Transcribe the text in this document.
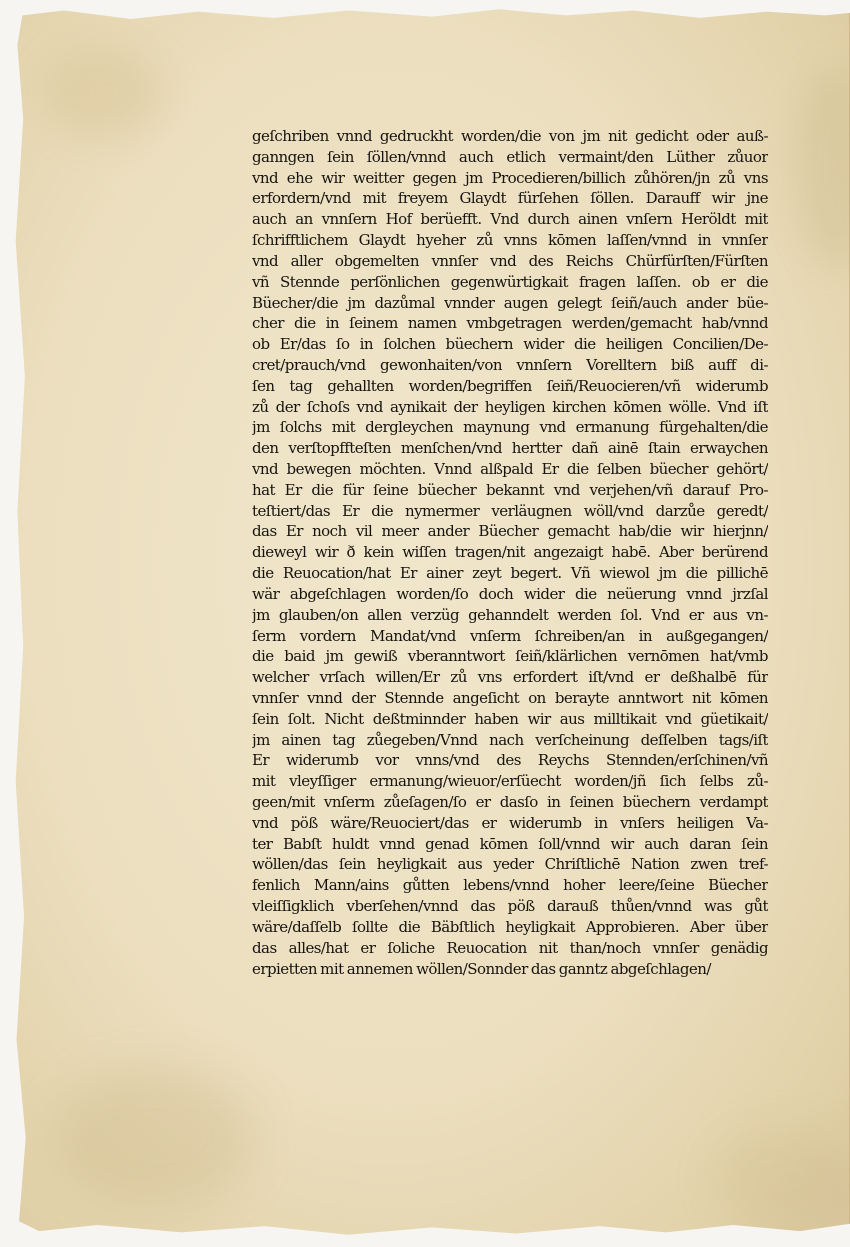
geſchriben vnnd gedruckht worden/die von jm nit gedicht oder auß-
ganngen ſein ſöllen/vnnd auch etlich vermaint/den Lüther zůuor
vnd ehe wir weitter gegen jm Procedieren/billich zůhören/jn zů vns
erfordern/vnd mit freyem Glaydt fürſehen ſöllen. Darauff wir jne
auch an vnnſern Hof berüefft. Vnd durch ainen vnſern Heröldt mit
ſchrifftlichem Glaydt hyeher zů vnns kōmen laſſen/vnnd in vnnſer
vnd aller obgemelten vnnſer vnd des Reichs Chürfürſten/Fürſten
vñ Stennde perſönlichen gegenwürtigkait fragen laſſen. ob er die
Büecher/die jm dazůmal vnnder augen gelegt ſeiñ/auch ander büe-
cher die in ſeinem namen vmbgetragen werden/gemacht hab/vnnd
ob Er/das ſo in ſolchen büechern wider die heiligen Concilien/De-
cret/prauch/vnd gewonhaiten/von vnnſern Vorelltern biß auff di-
ſen tag gehallten worden/begriffen ſeiñ/Reuocieren/vñ widerumb
zů der ſchoſs vnd aynikait der heyligen kirchen kōmen wölle. Vnd iſt
jm ſolchs mit dergleychen maynung vnd ermanung fürgehalten/die
den verſtopffteſten menſchen/vnd hertter dañ ainē ſtain erwaychen
vnd bewegen möchten. Vnnd alßpald Er die ſelben büecher gehört/
hat Er die für ſeine büecher bekannt vnd verjehen/vñ darauf Pro-
teſtiert/das Er die nymermer verläugnen wöll/vnd darzůe geredt/
das Er noch vil meer ander Büecher gemacht hab/die wir hierjnn/
dieweyl wir ð kein wiſſen tragen/nit angezaigt habē. Aber berürend
die Reuocation/hat Er ainer zeyt begert. Vñ wiewol jm die pillichē
wär abgeſchlagen worden/ſo doch wider die neüerung vnnd jrzſal
jm glauben/on allen verzüg gehanndelt werden ſol. Vnd er aus vn-
ſerm vordern Mandat/vnd vnſerm ſchreiben/an in außgegangen/
die baid jm gewiß vberanntwort ſeiñ/klärlichen vernōmen hat/vmb
welcher vrſach willen/Er zů vns erfordert iſt/vnd er deßhalbē für
vnnſer vnnd der Stennde angeſicht on berayte anntwort nit kōmen
ſein ſolt. Nicht deßtminnder haben wir aus milltikait vnd güetikait/
jm ainen tag zůegeben/Vnnd nach verſcheinung deſſelben tags/iſt
Er widerumb vor vnns/vnd des Reychs Stennden/erſchinen/vñ
mit vleyſſiger ermanung/wieuor/erſüecht worden/jñ ſich ſelbs zů-
geen/mit vnſerm zůeſagen/ſo er dasſo in ſeinen büechern verdampt
vnd pöß wäre/Reuociert/das er widerumb in vnſers heiligen Va-
ter Babſt huldt vnnd genad kōmen ſoll/vnnd wir auch daran ſein
wöllen/das ſein heyligkait aus yeder Chriſtlichē Nation zwen tref-
fenlich Mann/ains gůtten lebens/vnnd hoher leere/ſeine Büecher
vleiſſigklich vberſehen/vnnd das pöß darauß thůen/vnnd was gůt
wäre/daſſelb ſollte die Bäbſtlich heyligkait Approbieren. Aber über
das alles/hat er ſoliche Reuocation nit than/noch vnnſer genädig
erpietten mit annemen wöllen/Sonnder das ganntz abgeſchlagen/
